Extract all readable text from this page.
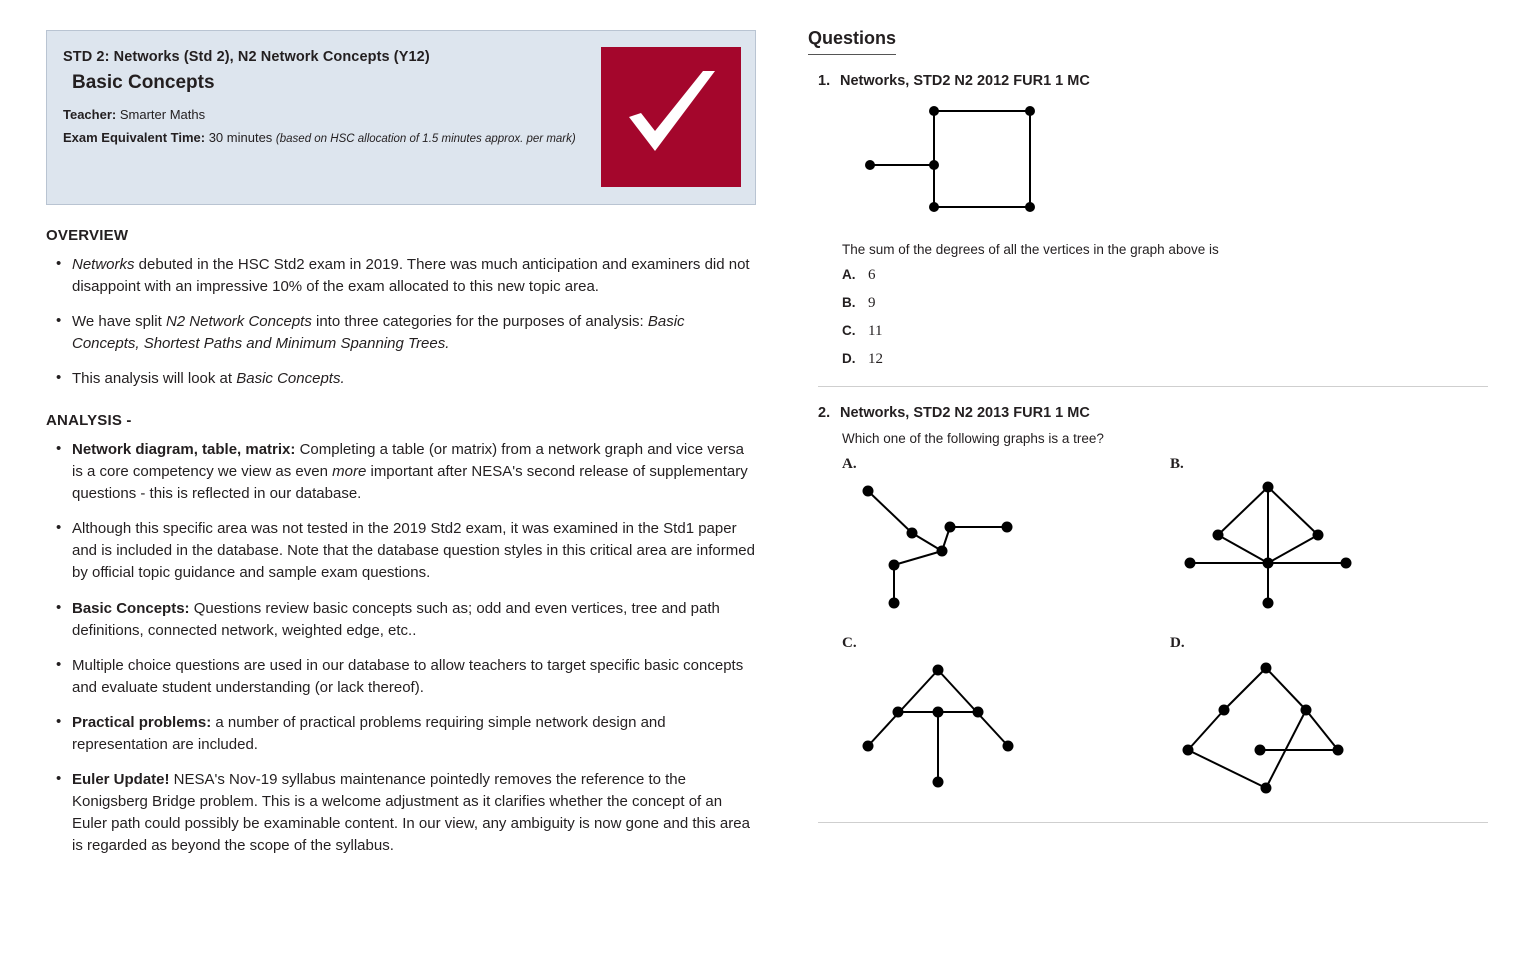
STD 2: Networks (Std 2), N2 Network Concepts (Y12)
Basic Concepts
Teacher: Smarter Maths
Exam Equivalent Time: 30 minutes (based on HSC allocation of 1.5 minutes approx. per mark)
OVERVIEW
• Networks debuted in the HSC Std2 exam in 2019. There was much anticipation and examiners did not disappoint with an impressive 10% of the exam allocated to this new topic area.
• We have split N2 Network Concepts into three categories for the purposes of analysis: Basic Concepts, Shortest Paths and Minimum Spanning Trees.
• This analysis will look at Basic Concepts.
ANALYSIS -
• Network diagram, table, matrix: Completing a table (or matrix) from a network graph and vice versa is a core competency we view as even more important after NESA's second release of supplementary questions - this is reflected in our database.
• Although this specific area was not tested in the 2019 Std2 exam, it was examined in the Std1 paper and is included in the database. Note that the database question styles in this critical area are informed by official topic guidance and sample exam questions.
• Basic Concepts: Questions review basic concepts such as; odd and even vertices, tree and path definitions, connected network, weighted edge, etc..
• Multiple choice questions are used in our database to allow teachers to target specific basic concepts and evaluate student understanding (or lack thereof).
• Practical problems: a number of practical problems requiring simple network design and representation are included.
• Euler Update! NESA's Nov-19 syllabus maintenance pointedly removes the reference to the Konigsberg Bridge problem. This is a welcome adjustment as it clarifies whether the concept of an Euler path could possibly be examinable content. In our view, any ambiguity is now gone and this area is regarded as beyond the scope of the syllabus.
Questions
1. Networks, STD2 N2 2012 FUR1 1 MC
The sum of the degrees of all the vertices in the graph above is
A. 6
B. 9
C. 11
D. 12
2. Networks, STD2 N2 2013 FUR1 1 MC
Which one of the following graphs is a tree?
A.	B.
C.	D.
